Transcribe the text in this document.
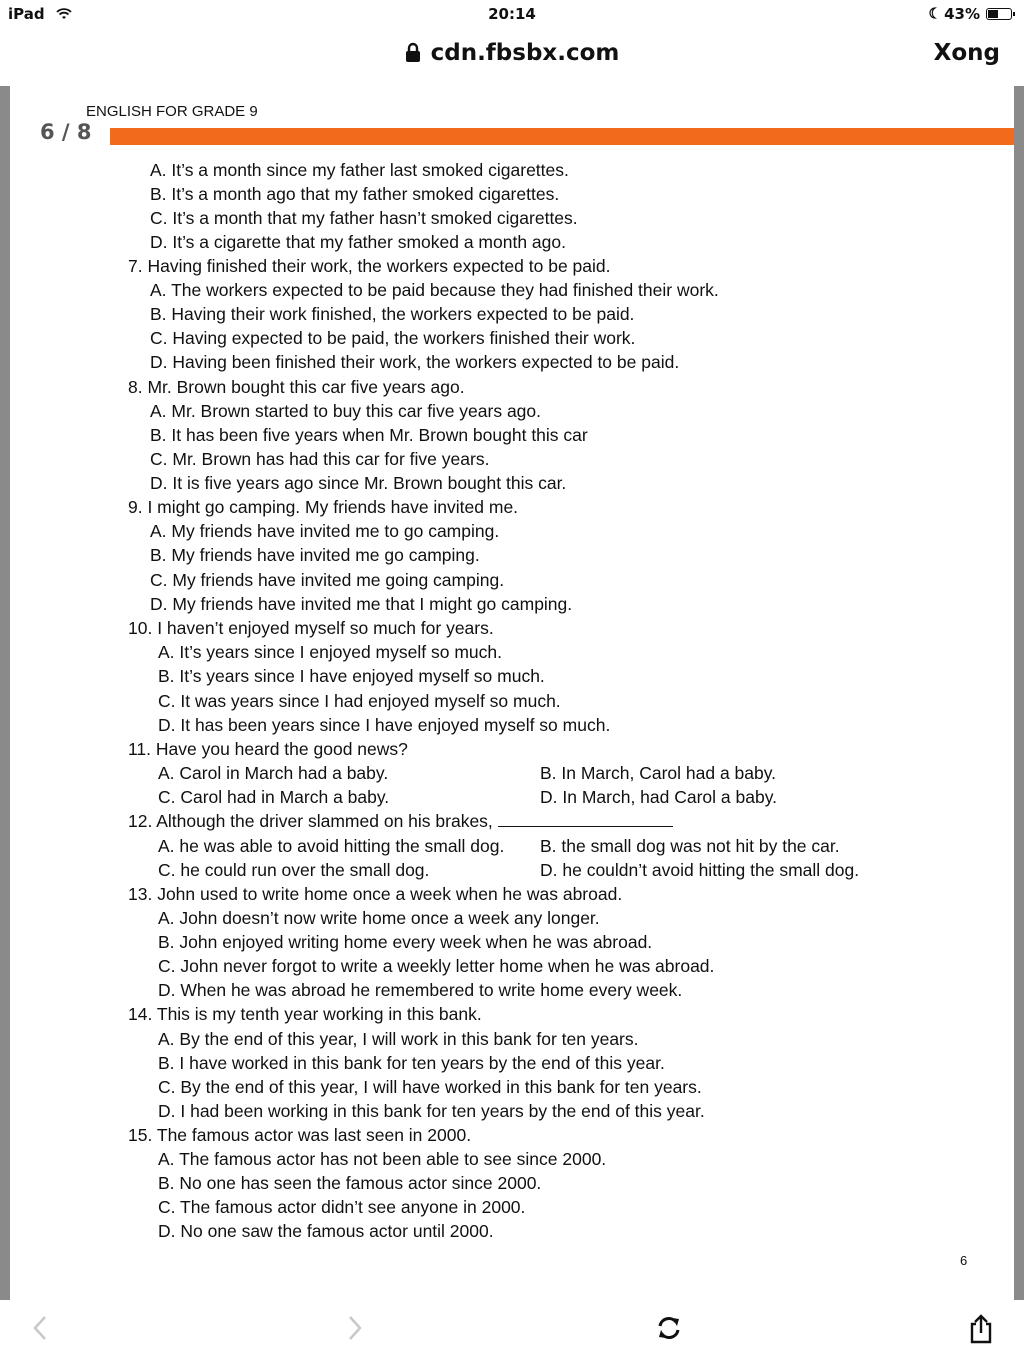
iPad	20:14	43%
cdn.fbsbx.com	Xong
6 / 8
ENGLISH FOR GRADE 9
A. It’s a month since my father last smoked cigarettes.
B. It’s a month ago that my father smoked cigarettes.
C. It’s a month that my father hasn’t smoked cigarettes.
D. It’s a cigarette that my father smoked a month ago.
7. Having finished their work, the workers expected to be paid.
A. The workers expected to be paid because they had finished their work.
B. Having their work finished, the workers expected to be paid.
C. Having expected to be paid, the workers finished their work.
D. Having been finished their work, the workers expected to be paid.
8. Mr. Brown bought this car five years ago.
A. Mr. Brown started to buy this car five years ago.
B. It has been five years when Mr. Brown bought this car
C. Mr. Brown has had this car for five years.
D. It is five years ago since Mr. Brown bought this car.
9. I might go camping. My friends have invited me.
A. My friends have invited me to go camping.
B. My friends have invited me go camping.
C. My friends have invited me going camping.
D. My friends have invited me that I might go camping.
10. I haven’t enjoyed myself so much for years.
A. It’s years since I enjoyed myself so much.
B. It’s years since I have enjoyed myself so much.
C. It was years since I had enjoyed myself so much.
D. It has been years since I have enjoyed myself so much.
11. Have you heard the good news?
A. Carol in March had a baby.	B. In March, Carol had a baby.
C. Carol had in March a baby.	D. In March, had Carol a baby.
12. Although the driver slammed on his brakes,
A. he was able to avoid hitting the small dog. B. the small dog was not hit by the car.
C. he could run over the small dog.	D. he couldn’t avoid hitting the small dog.
13. John used to write home once a week when he was abroad.
A. John doesn’t now write home once a week any longer.
B. John enjoyed writing home every week when he was abroad.
C. John never forgot to write a weekly letter home when he was abroad.
D. When he was abroad he remembered to write home every week.
14. This is my tenth year working in this bank.
A. By the end of this year, I will work in this bank for ten years.
B. I have worked in this bank for ten years by the end of this year.
C. By the end of this year, I will have worked in this bank for ten years.
D. I had been working in this bank for ten years by the end of this year.
15. The famous actor was last seen in 2000.
A. The famous actor has not been able to see since 2000.
B. No one has seen the famous actor since 2000.
C. The famous actor didn’t see anyone in 2000.
D. No one saw the famous actor until 2000.
6
